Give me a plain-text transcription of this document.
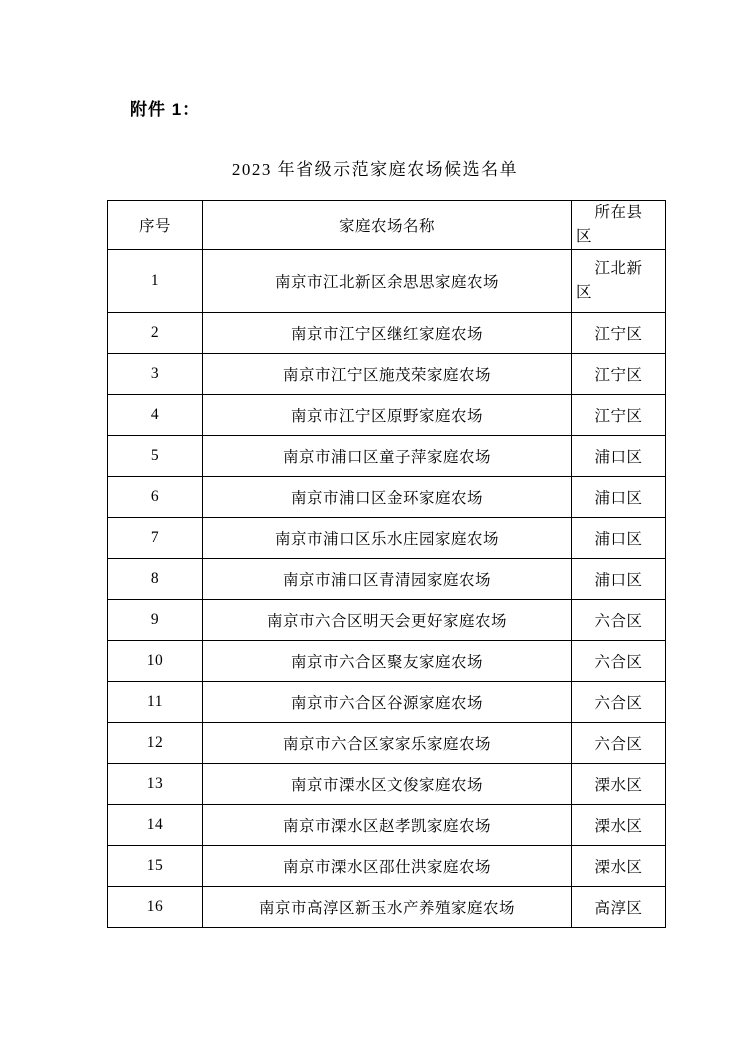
附件 1：
2023 年省级示范家庭农场候选名单
序号	家庭农场名称	所在县
区

1	南京市江北新区余思思家庭农场	江北新
区

2	南京市江宁区继红家庭农场	江宁区
3	南京市江宁区施茂荣家庭农场	江宁区
4	南京市江宁区原野家庭农场	江宁区
5	南京市浦口区童子萍家庭农场	浦口区
6	南京市浦口区金环家庭农场	浦口区
7	南京市浦口区乐水庄园家庭农场	浦口区
8	南京市浦口区青清园家庭农场	浦口区
9	南京市六合区明天会更好家庭农场	六合区
10	南京市六合区聚友家庭农场	六合区
11	南京市六合区谷源家庭农场	六合区
12	南京市六合区家家乐家庭农场	六合区
13	南京市溧水区文俊家庭农场	溧水区
14	南京市溧水区赵孝凯家庭农场	溧水区
15	南京市溧水区邵仕洪家庭农场	溧水区
16	南京市高淳区新玉水产养殖家庭农场	高淳区
